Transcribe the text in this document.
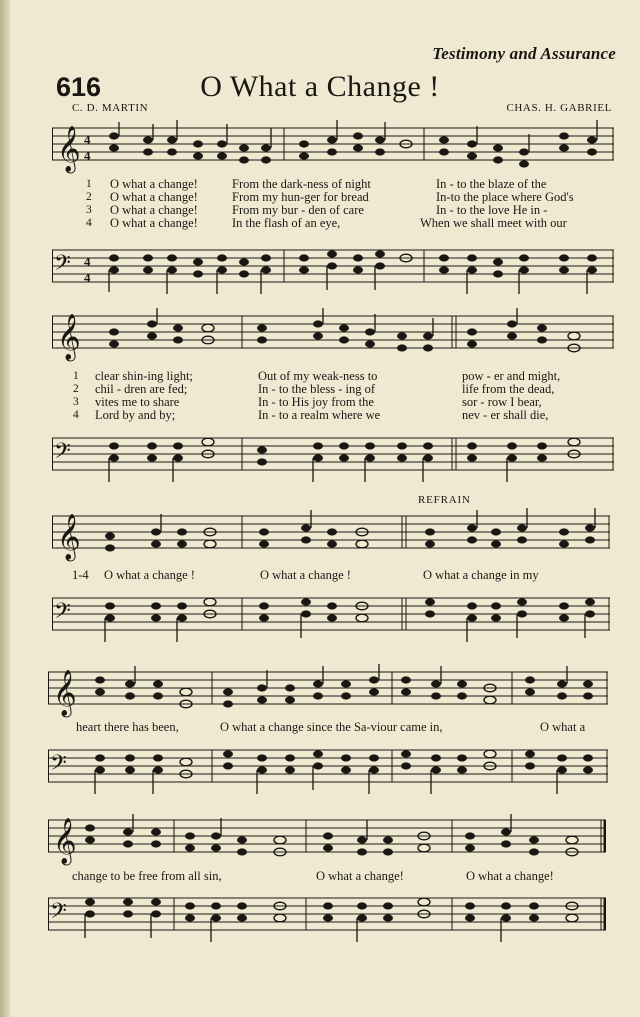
Testimony and Assurance
616	O What a Change !
C. D. MARTIN	CHAS. H. GABRIEL
REFRAIN
𝄞 4
4
1
2
3
4
O what a change!	From the dark-ness of night	In - to the blaze of the
O what a change!	From my hun-ger for bread	In-to the place where God's
O what a change!	From my bur - den of care	In - to the love He in -
O what a change!	In the flash of an eye,	When we shall meet with our
𝄢 4
4
𝄞
1
2
3
4
clear shin-ing light;	Out of my weak-ness to	pow - er and might,
chil - dren are fed;	In - to the bless - ing of	life from the dead,
vites me to share	In - to His joy from the	sor - row I bear,
Lord by and by;	In - to a realm where we	nev - er shall die,
𝄢
𝄞
1-4 O what a change !	O what a change !	O what a change in my
𝄢
𝄞
heart there has been,	O what a change since the Sa-viour came in,	O what a
𝄢
𝄞
change to be free from all sin,	O what a change!	O what a change!
𝄢
